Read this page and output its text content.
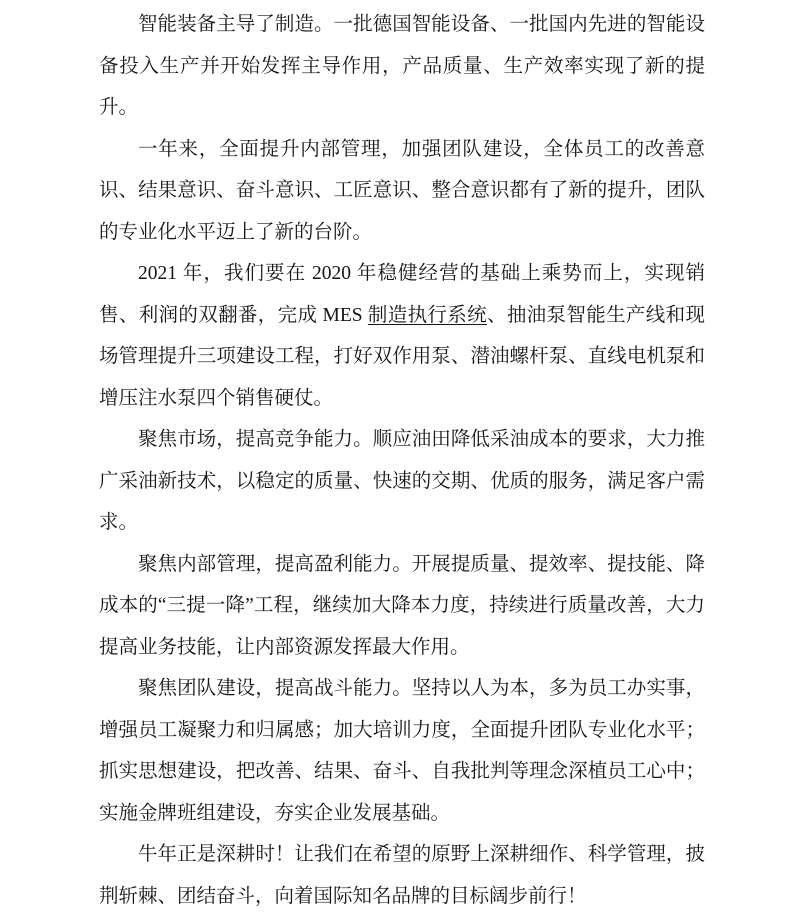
智能装备主导了制造。一批德国智能设备、一批国内先进的智能设备投入生产并开始发挥主导作用，产品质量、生产效率实现了新的提升。

一年来，全面提升内部管理，加强团队建设，全体员工的改善意识、结果意识、奋斗意识、工匠意识、整合意识都有了新的提升，团队的专业化水平迈上了新的台阶。

2021 年，我们要在 2020 年稳健经营的基础上乘势而上，实现销售、利润的双翻番，完成 MES 制造执行系统、抽油泵智能生产线和现场管理提升三项建设工程，打好双作用泵、潜油螺杆泵、直线电机泵和增压注水泵四个销售硬仗。

聚焦市场，提高竞争能力。顺应油田降低采油成本的要求，大力推广采油新技术，以稳定的质量、快速的交期、优质的服务，满足客户需求。

聚焦内部管理，提高盈利能力。开展提质量、提效率、提技能、降成本的“三提一降”工程，继续加大降本力度，持续进行质量改善，大力提高业务技能，让内部资源发挥最大作用。

聚焦团队建设，提高战斗能力。坚持以人为本，多为员工办实事，增强员工凝聚力和归属感；加大培训力度，全面提升团队专业化水平；抓实思想建设，把改善、结果、奋斗、自我批判等理念深植员工心中；实施金牌班组建设，夯实企业发展基础。

牛年正是深耕时！让我们在希望的原野上深耕细作、科学管理，披荆斩棘、团结奋斗，向着国际知名品牌的目标阔步前行！
